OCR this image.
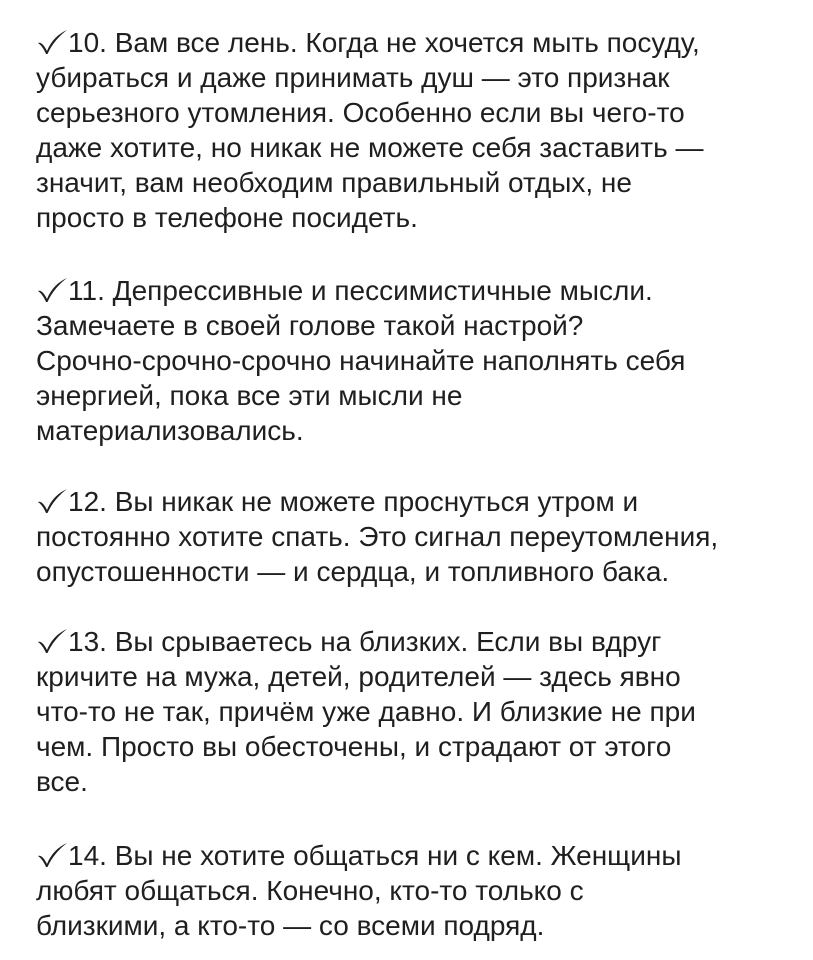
10. Вам все лень. Когда не хочется мыть посуду,
убираться и даже принимать душ — это признак
серьезного утомления. Особенно если вы чего-то
даже хотите, но никак не можете себя заставить —
значит, вам необходим правильный отдых, не
просто в телефоне посидеть.
11. Депрессивные и пессимистичные мысли.
Замечаете в своей голове такой настрой?
Срочно-срочно-срочно начинайте наполнять себя
энергией, пока все эти мысли не
материализовались.
12. Вы никак не можете проснуться утром и
постоянно хотите спать. Это сигнал переутомления,
опустошенности — и сердца, и топливного бака.
13. Вы срываетесь на близких. Если вы вдруг
кричите на мужа, детей, родителей — здесь явно
что-то не так, причём уже давно. И близкие не при
чем. Просто вы обесточены, и страдают от этого
все.
14. Вы не хотите общаться ни с кем. Женщины
любят общаться. Конечно, кто-то только с
близкими, а кто-то — со всеми подряд.
